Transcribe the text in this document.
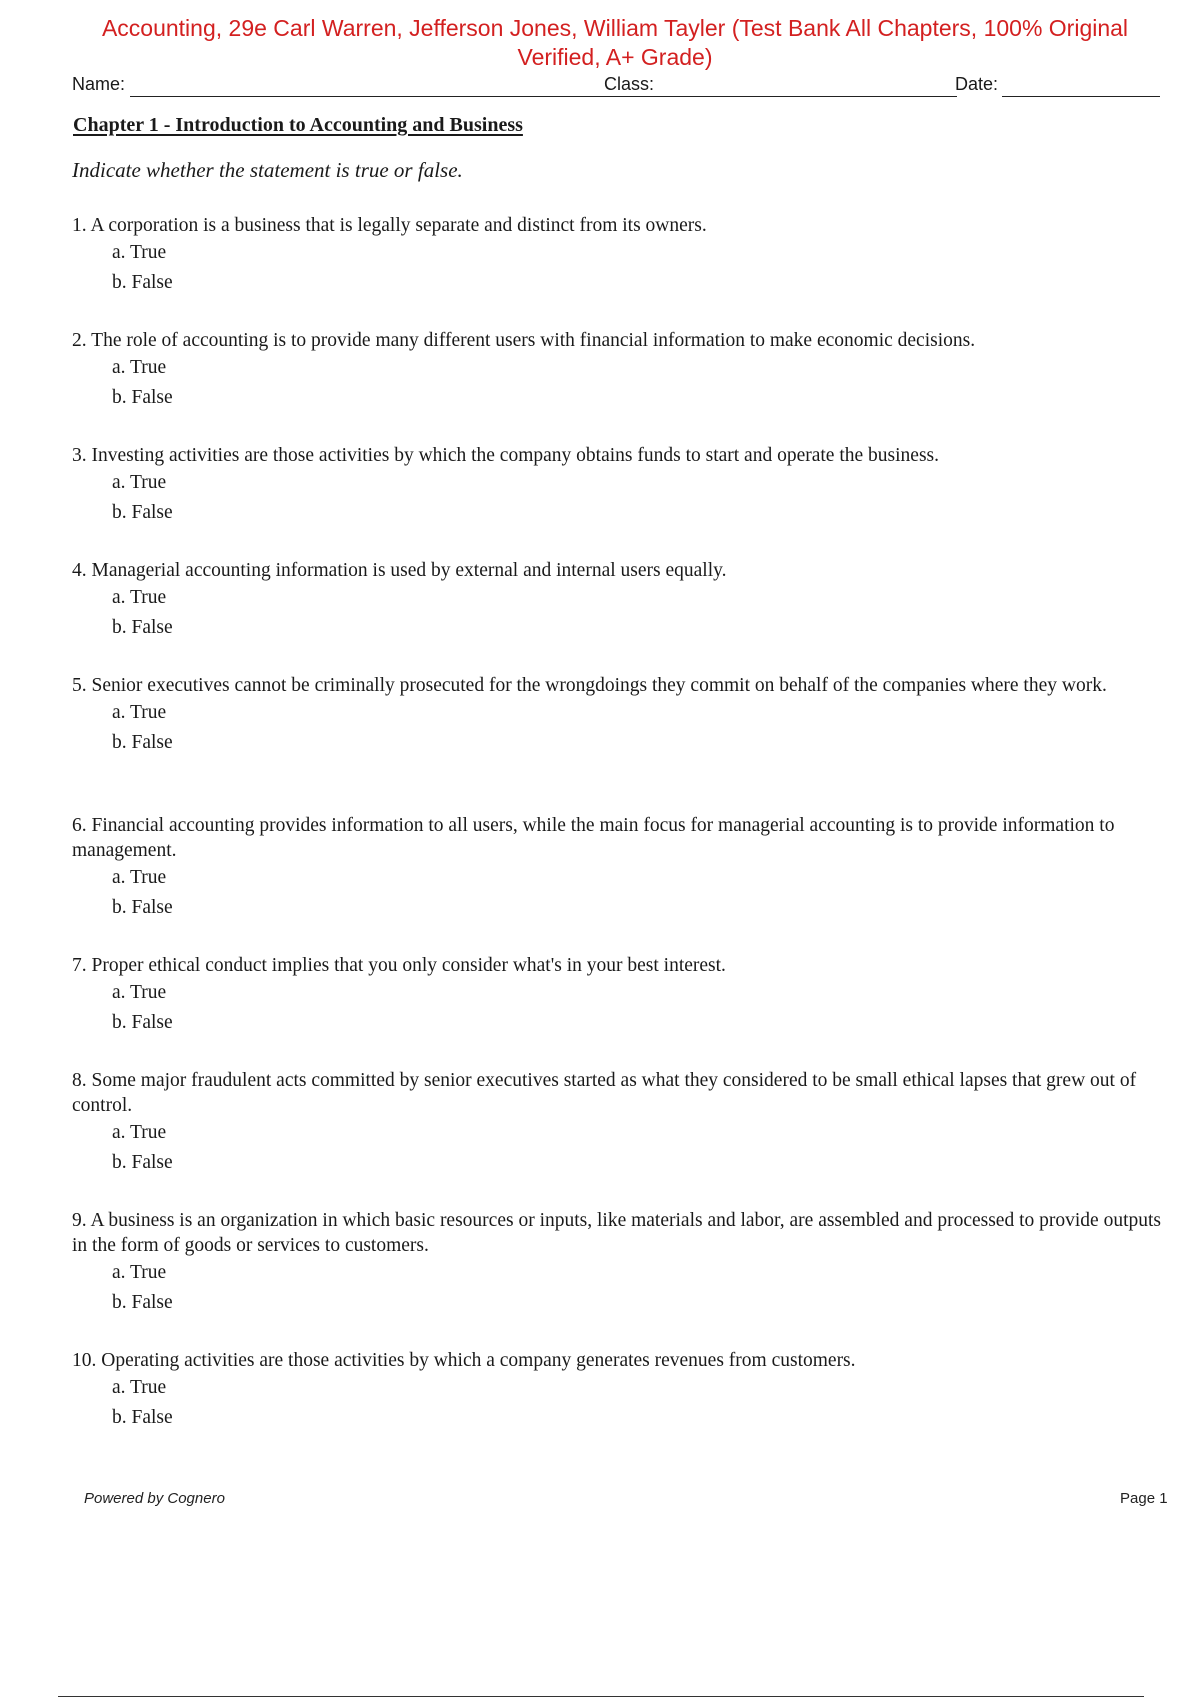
Accounting, 29e Carl Warren, Jefferson Jones, William Tayler (Test Bank All Chapters, 100% Original Verified, A+ Grade)
Name:	Class:	Date:
Chapter 1 - Introduction to Accounting and Business
Indicate whether the statement is true or false.
1. A corporation is a business that is legally separate and distinct from its owners.
a. True
b. False
2. The role of accounting is to provide many different users with financial information to make economic decisions.
a. True
b. False
3. Investing activities are those activities by which the company obtains funds to start and operate the business.
a. True
b. False
4. Managerial accounting information is used by external and internal users equally.
a. True
b. False
5. Senior executives cannot be criminally prosecuted for the wrongdoings they commit on behalf of the companies where they work.
a. True
b. False
6. Financial accounting provides information to all users, while the main focus for managerial accounting is to provide information to management.
a. True
b. False
7. Proper ethical conduct implies that you only consider what's in your best interest.
a. True
b. False
8. Some major fraudulent acts committed by senior executives started as what they considered to be small ethical lapses that grew out of control.
a. True
b. False
9. A business is an organization in which basic resources or inputs, like materials and labor, are assembled and processed to provide outputs in the form of goods or services to customers.
a. True
b. False
10. Operating activities are those activities by which a company generates revenues from customers.
a. True
b. False
Powered by Cognero	Page 1
